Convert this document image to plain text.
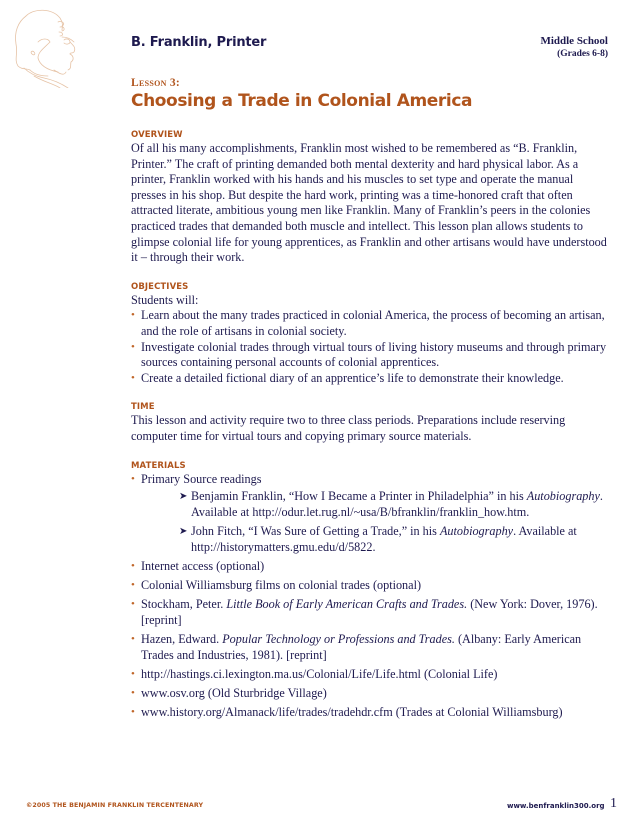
B. Franklin, Printer	Middle School
(Grades 6-8)
Lesson 3:
Choosing a Trade in Colonial America
OVERVIEW

Of all his many accomplishments, Franklin most wished to be remembered as “B. Franklin, Printer.” The craft of printing demanded both mental dexterity and hard physical labor. As a printer, Franklin worked with his hands and his muscles to set type and operate the manual presses in his shop. But despite the hard work, printing was a time-honored craft that often attracted literate, ambitious young men like Franklin. Many of Franklin’s peers in the colonies practiced trades that demanded both muscle and intellect. This lesson plan allows students to glimpse colonial life for young apprentices, as Franklin and other artisans would have understood it – through their work.

OBJECTIVES

Students will:

• Learn about the many trades practiced in colonial America, the process of becoming an artisan, and the role of artisans in colonial society.
• Investigate colonial trades through virtual tours of living history museums and through primary sources containing personal accounts of colonial apprentices.
• Create a detailed fictional diary of an apprentice’s life to demonstrate their knowledge.
TIME

This lesson and activity require two to three class periods. Preparations include reserving computer time for virtual tours and copying primary source materials.

MATERIALS
• Primary Source readings
➤ Benjamin Franklin, “How I Became a Printer in Philadelphia” in his Autobiography. Available at http://odur.let.rug.nl/~usa/B/bfranklin/franklin_how.htm.
➤ John Fitch, “I Was Sure of Getting a Trade,” in his Autobiography. Available at http://historymatters.gmu.edu/d/5822.
• Internet access (optional)
• Colonial Williamsburg films on colonial trades (optional)
• Stockham, Peter. Little Book of Early American Crafts and Trades. (New York: Dover, 1976). [reprint]
• Hazen, Edward. Popular Technology or Professions and Trades. (Albany: Early American Trades and Industries, 1981). [reprint]
• http://hastings.ci.lexington.ma.us/Colonial/Life/Life.html (Colonial Life)
• www.osv.org (Old Sturbridge Village)
• www.history.org/Almanack/life/trades/tradehdr.cfm (Trades at Colonial Williamsburg)
©2005 THE BENJAMIN FRANKLIN TERCENTENARY	www.benfranklin300.org 1
